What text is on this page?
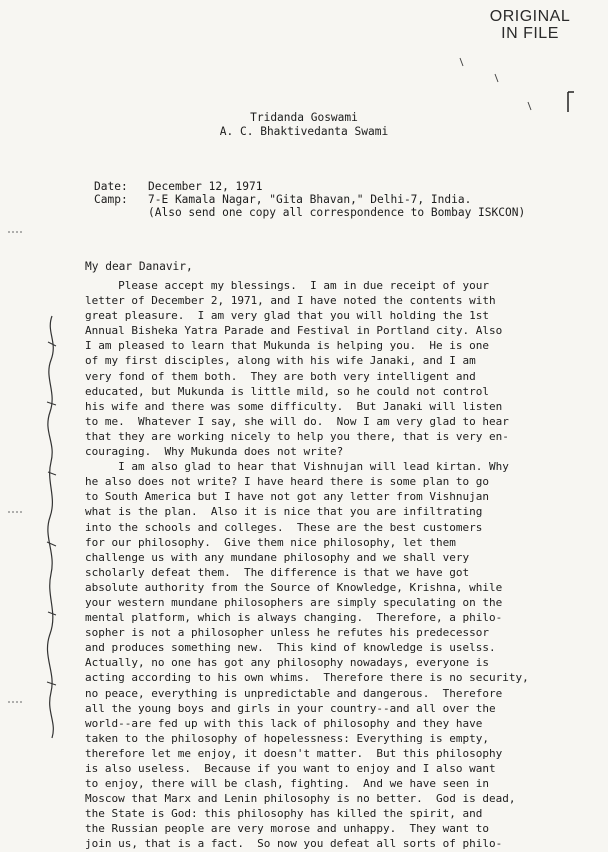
ORIGINAL
IN FILE
Tridanda Goswami
A. C. Bhaktivedanta Swami
Date:	December 12, 1971
Camp:	7-E Kamala Nagar, "Gita Bhavan," Delhi-7, India.
(Also send one copy all correspondence to Bombay ISKCON)
My dear Danavir,
Please accept my blessings.  I am in due receipt of your
letter of December 2, 1971, and I have noted the contents with
great pleasure.  I am very glad that you will holding the 1st
Annual Bisheka Yatra Parade and Festival in Portland city. Also
I am pleased to learn that Mukunda is helping you.  He is one
of my first disciples, along with his wife Janaki, and I am
very fond of them both.  They are both very intelligent and
educated, but Mukunda is little mild, so he could not control
his wife and there was some difficulty.  But Janaki will listen
to me.  Whatever I say, she will do.  Now I am very glad to hear
that they are working nicely to help you there, that is very en-
couraging.  Why Mukunda does not write?
I am also glad to hear that Vishnujan will lead kirtan. Why
he also does not write? I have heard there is some plan to go
to South America but I have not got any letter from Vishnujan
what is the plan.  Also it is nice that you are infiltrating
into the schools and colleges.  These are the best customers
for our philosophy.  Give them nice philosophy, let them
challenge us with any mundane philosophy and we shall very
scholarly defeat them.  The difference is that we have got
absolute authority from the Source of Knowledge, Krishna, while
your western mundane philosophers are simply speculating on the
mental platform, which is always changing.  Therefore, a philo-
sopher is not a philosopher unless he refutes his predecessor
and produces something new.  This kind of knowledge is uselss.
Actually, no one has got any philosophy nowadays, everyone is
acting according to his own whims.  Therefore there is no security,
no peace, everything is unpredictable and dangerous.  Therefore
all the young boys and girls in your country--and all over the
world--are fed up with this lack of philosophy and they have
taken to the philosophy of hopelessness: Everything is empty,
therefore let me enjoy, it doesn't matter.  But this philosophy
is also useless.  Because if you want to enjoy and I also want
to enjoy, there will be clash, fighting.  And we have seen in
Moscow that Marx and Lenin philosophy is no better.  God is dead,
the State is God: this philosophy has killed the spirit, and
the Russian people are very morose and unhappy.  They want to
join us, that is a fact.  So now you defeat all sorts of philo-
